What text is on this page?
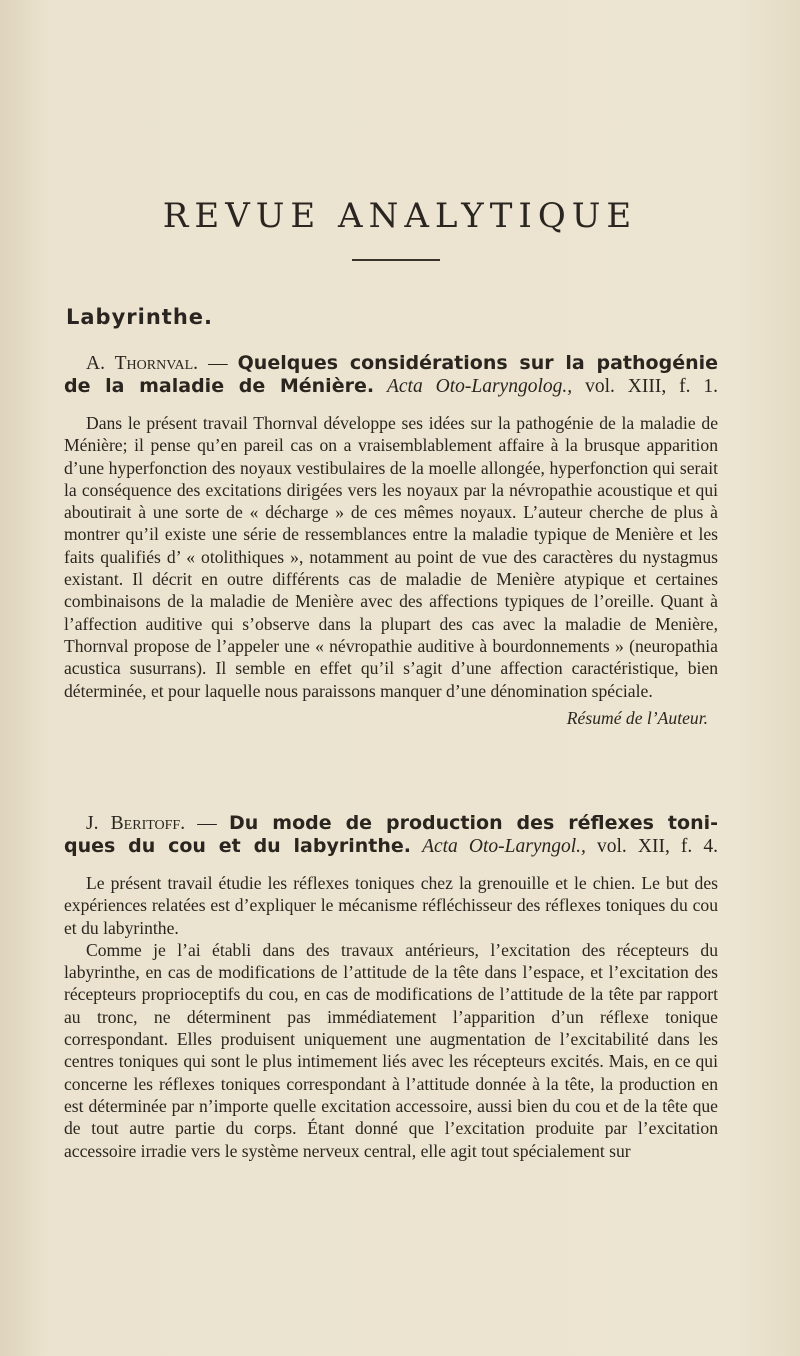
REVUE ANALYTIQUE
Labyrinthe.

A. Thornval. — Quelques considérations sur la pathogénie
de la maladie de Ménière. Acta Oto-Laryngolog., vol. XIII, f. 1.

Dans le présent travail Thornval développe ses idées sur la pathogénie de la maladie de Ménière; il pense qu’en pareil cas on a vraisemblablement affaire à la brusque apparition d’une hyperfonction des noyaux vestibulaires de la moelle allongée, hyperfonction qui serait la conséquence des excitations dirigées vers les noyaux par la névropathie acoustique et qui aboutirait à une sorte de « décharge » de ces mêmes noyaux. L’auteur cherche de plus à montrer qu’il existe une série de ressemblances entre la maladie typique de Menière et les faits qualifiés d’ « otolithiques », notamment au point de vue des caractères du nystagmus existant. Il décrit en outre différents cas de maladie de Menière atypique et certaines combinaisons de la maladie de Menière avec des affections typiques de l’oreille. Quant à l’affection auditive qui s’observe dans la plupart des cas avec la maladie de Menière, Thornval propose de l’appeler une « névropathie auditive à bourdonnements » (neuropathia acustica susurrans). Il semble en effet qu’il s’agit d’une affection caractéristique, bien déterminée, et pour laquelle nous paraissons manquer d’une dénomination spéciale.

Résumé de l’Auteur.

J. Beritoff. — Du mode de production des réflexes toni-
ques du cou et du labyrinthe. Acta Oto-Laryngol., vol. XII, f. 4.

Le présent travail étudie les réflexes toniques chez la grenouille et le chien. Le but des expériences relatées est d’expliquer le mécanisme réfléchisseur des réflexes toniques du cou et du labyrinthe.

Comme je l’ai établi dans des travaux antérieurs, l’excitation des récepteurs du labyrinthe, en cas de modifications de l’attitude de la tête dans l’espace, et l’excitation des récepteurs proprioceptifs du cou, en cas de modifications de l’attitude de la tête par rapport au tronc, ne déterminent pas immédiatement l’apparition d’un réflexe tonique correspondant. Elles produisent uniquement une augmentation de l’excitabilité dans les centres toniques qui sont le plus intimement liés avec les récepteurs excités. Mais, en ce qui concerne les réflexes toniques correspondant à l’attitude donnée à la tête, la production en est déterminée par n’importe quelle excitation accessoire, aussi bien du cou et de la tête que de tout autre partie du corps. Étant donné que l’excitation produite par l’excitation accessoire irradie vers le système nerveux central, elle agit tout spécialement sur
